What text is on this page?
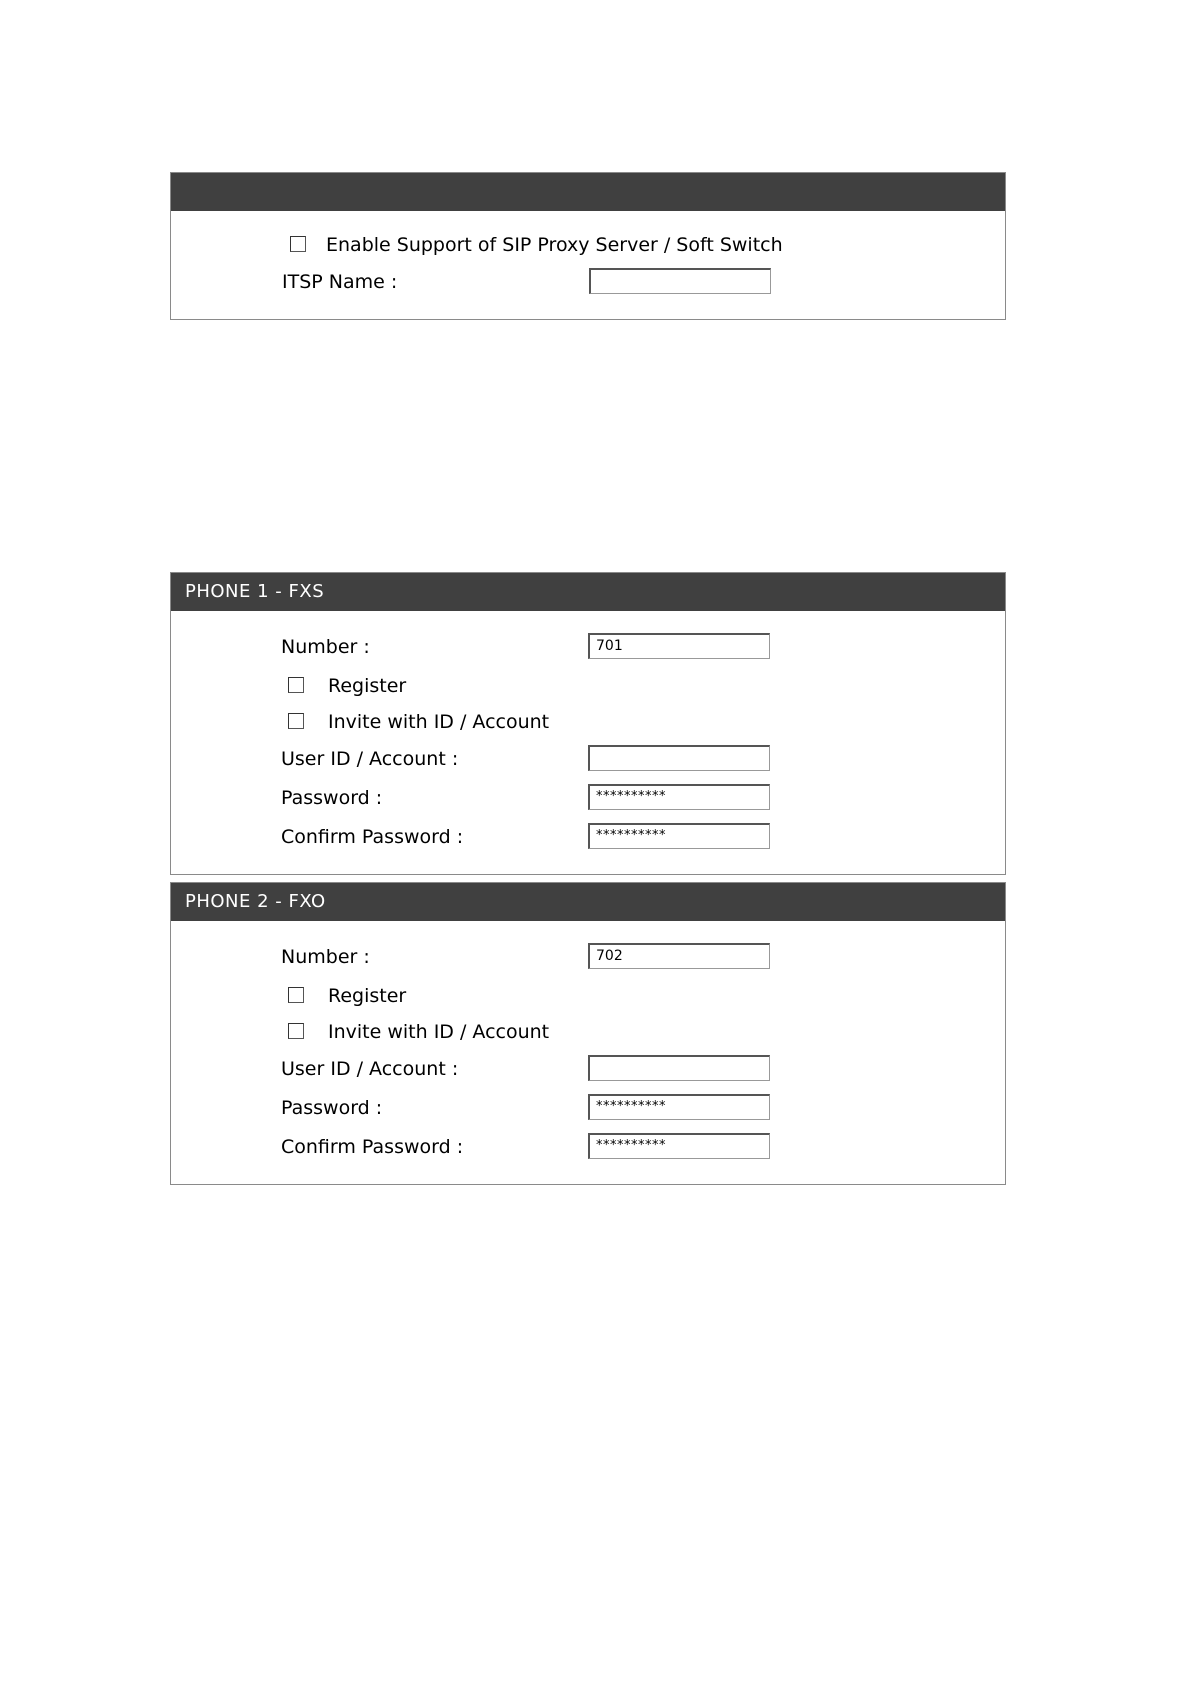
Enable Support of SIP Proxy Server / Soft Switch
ITSP Name :
PHONE 1 - FXS
Number :	701
Register
Invite with ID / Account
User ID / Account :
Password :	**********
Confirm Password :	**********
PHONE 2 - FXO
Number :	702
Register
Invite with ID / Account
User ID / Account :
Password :	**********
Confirm Password :	**********
